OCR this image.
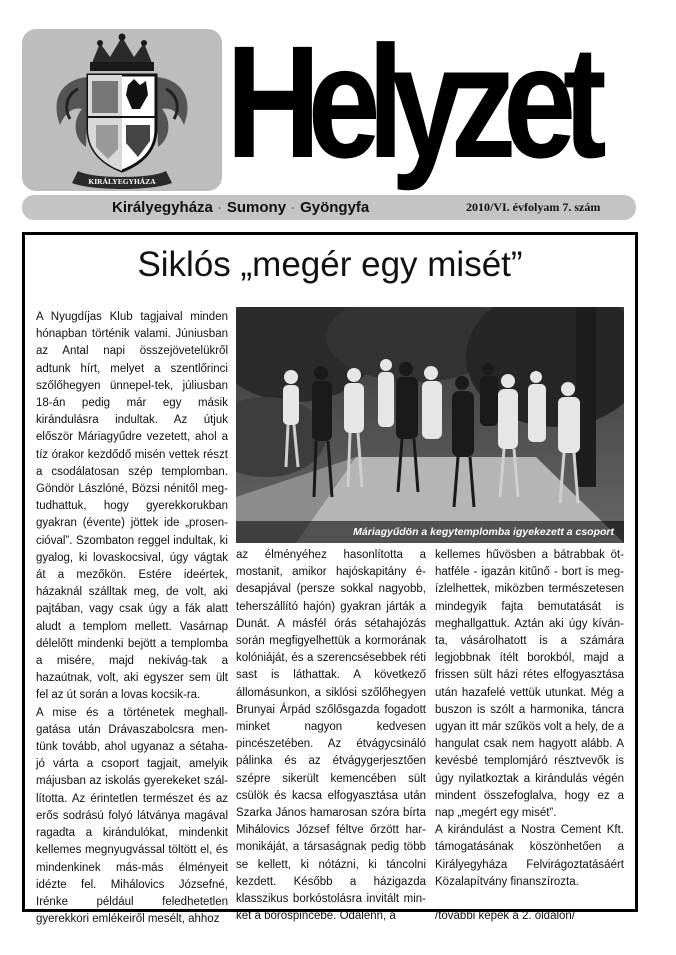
KIRÁLYEGYHÁZA Helyzet
Királyegyháza · Sumony · Gyöngyfa	2010/VI. évfolyam 7. szám
Siklós „megér egy misét”

A Nyugdíjas Klub tagjaival minden hónapban történik valami. Júniusban az Antal napi összejövetelükről adtunk hírt, melyet a szentlőrinci szőlőhegyen ünnepel-tek, júliusban 18-án pedig már egy másik kirándulásra indultak. Az útjuk először Máriagyűdre vezetett, ahol a tíz órakor kezdődő misén vettek részt a csodálatosan szép templomban. Göndör Lászlóné, Bözsi nénitől meg-tudhattuk, hogy gyerekkorukban gyakran (évente) jöttek ide „prosen-cióval”. Szombaton reggel indultak, ki gyalog, ki lovaskocsival, úgy vágtak át a mezőkön. Estére ideértek, házaknál szálltak meg, de volt, aki pajtában, vagy csak úgy a fák alatt aludt a templom mellett. Vasárnap délelőtt mindenki bejött a templomba a misére, majd nekivág-tak a hazaútnak, volt, aki egyszer sem ült fel az út során a lovas kocsik-ra.

A mise és a történetek meghall-gatása után Drávaszabolcsra men-tünk tovább, ahol ugyanaz a sétaha-jó várta a csoport tagjait, amelyik májusban az iskolás gyerekeket szál-lította. Az érintetlen természet és az erős sodrású folyó látványa magával ragadta a kirándulókat, mindenkit kellemes megnyugvással töltött el, és mindenkinek más-más élményeit idézte fel. Mihálovics Józsefné, Irénke például feledhetetlen gyerekkori emlékeiről mesélt, ahhoz

Máriagyűdön a kegytemplomba igyekezett a csoport

az élményéhez hasonlította a mostanit, amikor hajóskapitány é-desapjával (persze sokkal nagyobb, teherszállító hajón) gyakran járták a Dunát. A másfél órás sétahajózás során megfigyelhettük a kormorának kolóniáját, és a szerencsésebbek réti sast is láthattak. A következő állomásunkon, a siklósi szőlőhegyen Brunyai Árpád szőlősgazda fogadott minket nagyon kedvesen pincészetében. Az étvágycsináló pálinka és az étvágygerjesztően szépre sikerült kemencében sült csülök és kacsa elfogyasztása után Szarka János hamarosan szóra bírta Mihálovics József féltve őrzött har-monikáját, a társaságnak pedig több se kellett, ki nótázni, ki táncolni kezdett. Később a házigazda klasszikus borkóstolásra invitált min-ket a borospincébe. Odalenn, a

kellemes hűvösben a bátrabbak öt-hatféle - igazán kitűnő - bort is meg-ízlelhettek, miközben természetesen mindegyik fajta bemutatását is meghallgattuk. Aztán aki úgy kíván-ta, vásárolhatott is a számára legjobbnak ítélt borokból, majd a frissen sült házi rétes elfogyasztása után hazafelé vettük utunkat. Még a buszon is szólt a harmonika, táncra ugyan itt már szűkös volt a hely, de a hangulat csak nem hagyott alább. A kevésbé templomjáró résztvevők is úgy nyilatkoztak a kirándulás végén mindent összefoglalva, hogy ez a nap „megért egy misét”.

A kirándulást a Nostra Cement Kft. támogatásának köszönhetően a Királyegyháza Felvirágoztatásáért Közalapítvány finanszírozta.

/további képek a 2. oldalon/
